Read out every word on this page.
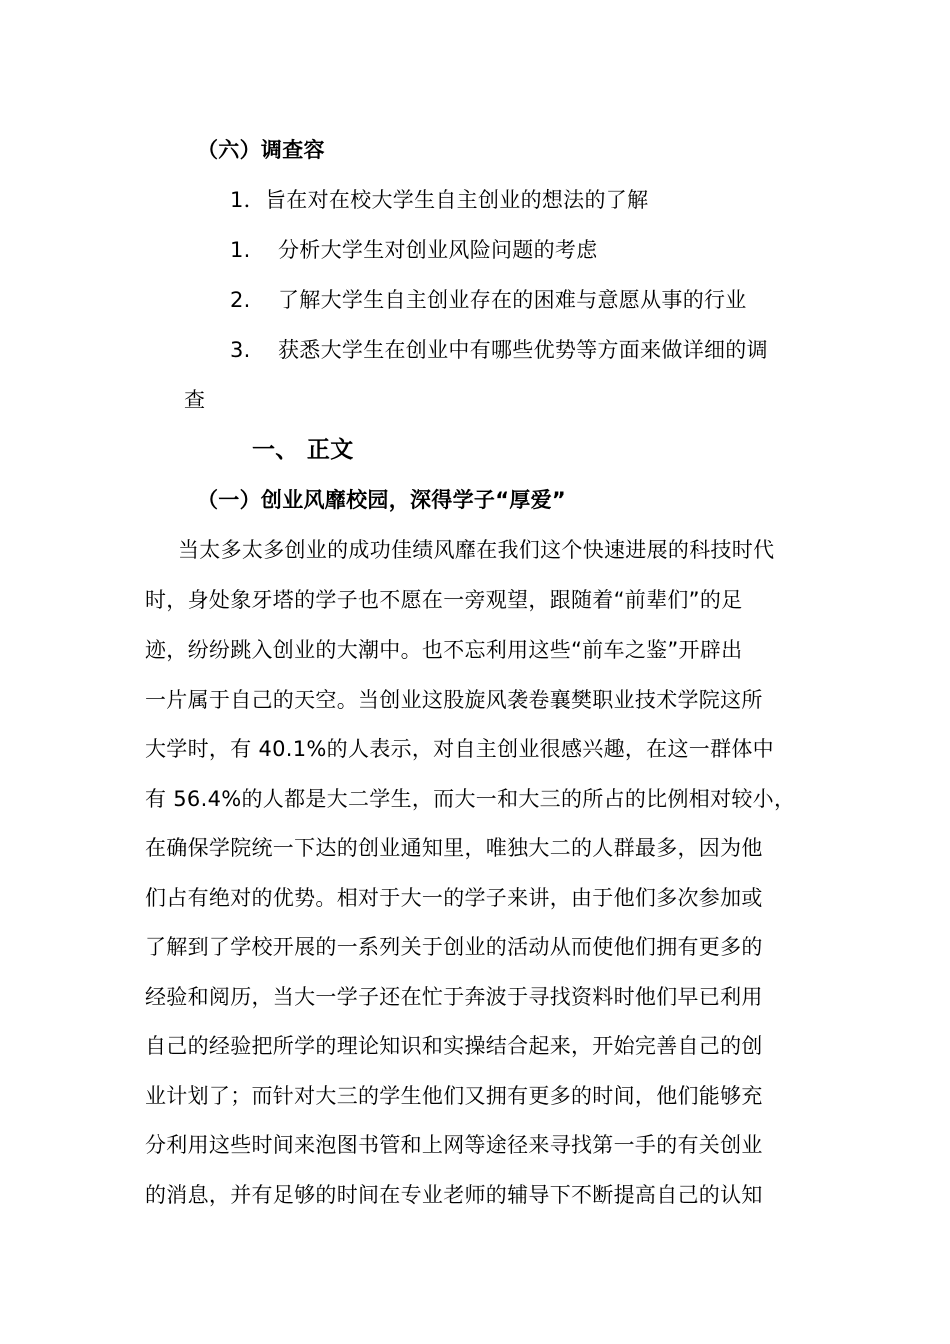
（六）调查容
1．旨在对在校大学生自主创业的想法的了解
1. 分析大学生对创业风险问题的考虑
2. 了解大学生自主创业存在的困难与意愿从事的行业
3. 获悉大学生在创业中有哪些优势等方面来做详细的调
查
一、 正文
（一）创业风靡校园，深得学子“厚爱”
当太多太多创业的成功佳绩风靡在我们这个快速进展的科技时代
时，身处象牙塔的学子也不愿在一旁观望，跟随着“前辈们”的足
迹，纷纷跳入创业的大潮中。也不忘利用这些“前车之鉴”开辟出
一片属于自己的天空。当创业这股旋风袭卷襄樊职业技术学院这所
大学时，有 40.1%的人表示，对自主创业很感兴趣，在这一群体中
有 56.4%的人都是大二学生，而大一和大三的所占的比例相对较小，
在确保学院统一下达的创业通知里，唯独大二的人群最多，因为他
们占有绝对的优势。相对于大一的学子来讲，由于他们多次参加或
了解到了学校开展的一系列关于创业的活动从而使他们拥有更多的
经验和阅历，当大一学子还在忙于奔波于寻找资料时他们早已利用
自己的经验把所学的理论知识和实操结合起来，开始完善自己的创
业计划了；而针对大三的学生他们又拥有更多的时间，他们能够充
分利用这些时间来泡图书管和上网等途径来寻找第一手的有关创业
的消息，并有足够的时间在专业老师的辅导下不断提高自己的认知
